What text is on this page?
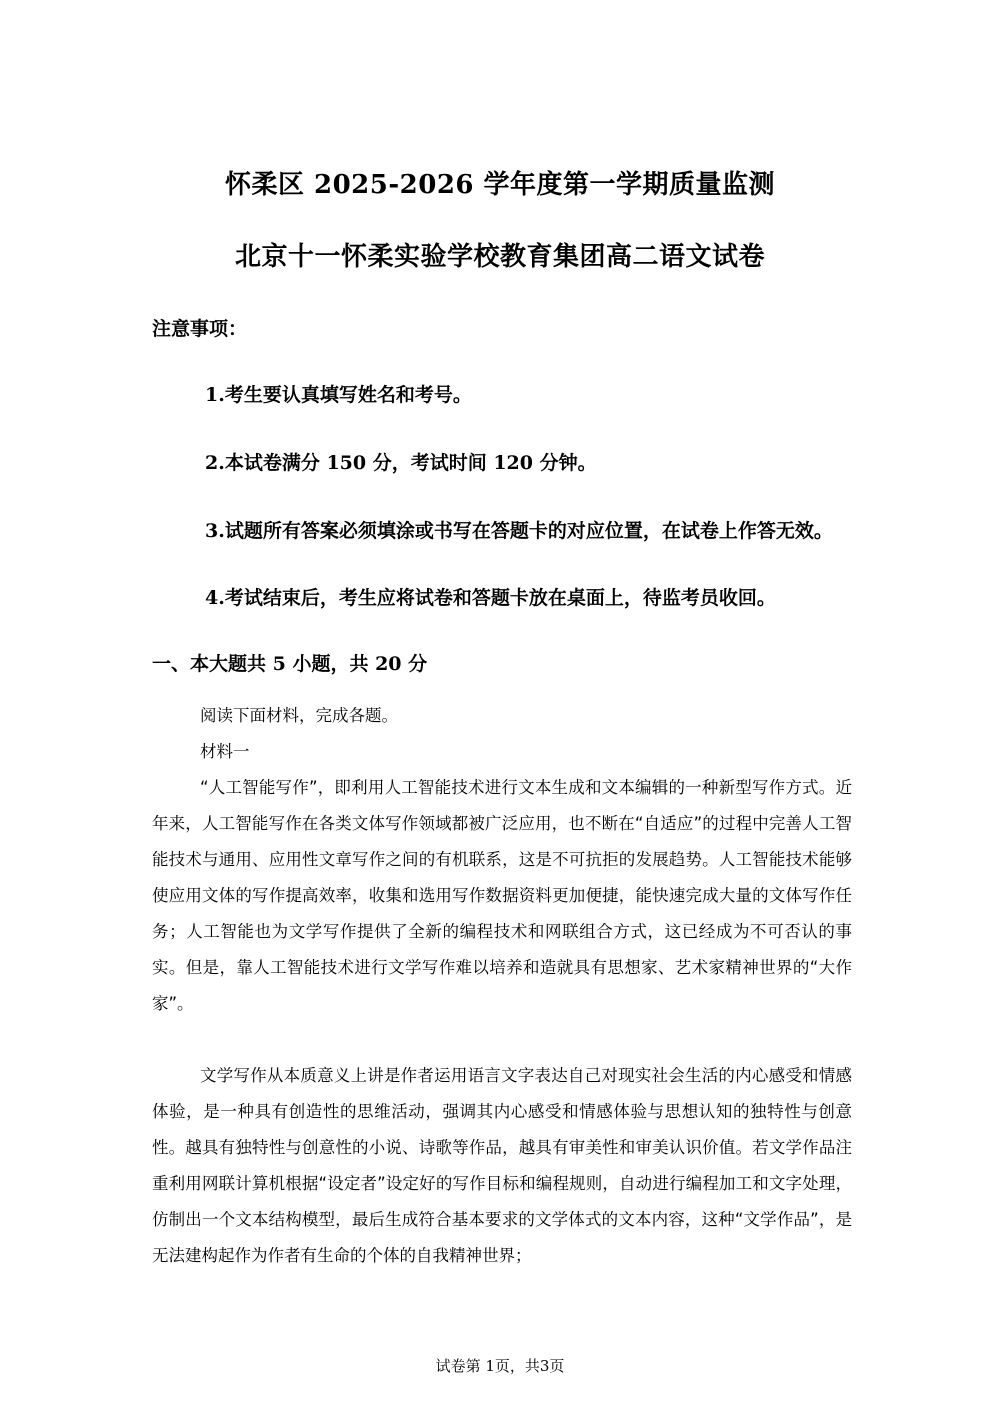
怀柔区 2025-2026 学年度第一学期质量监测
北京十一怀柔实验学校教育集团高二语文试卷
注意事项：
1.考生要认真填写姓名和考号。
2.本试卷满分 150 分，考试时间 120 分钟。
3.试题所有答案必须填涂或书写在答题卡的对应位置，在试卷上作答无效。
4.考试结束后，考生应将试卷和答题卡放在桌面上，待监考员收回。
一、本大题共 5 小题，共 20 分
阅读下面材料，完成各题。
材料一
“人工智能写作”，即利用人工智能技术进行文本生成和文本编辑的一种新型写作方式。近年来，人工智能写作在各类文体写作领域都被广泛应用，也不断在“自适应”的过程中完善人工智能技术与通用、应用性文章写作之间的有机联系，这是不可抗拒的发展趋势。人工智能技术能够使应用文体的写作提高效率，收集和选用写作数据资料更加便捷，能快速完成大量的文体写作任务；人工智能也为文学写作提供了全新的编程技术和网联组合方式，这已经成为不可否认的事实。但是，靠人工智能技术进行文学写作难以培养和造就具有思想家、艺术家精神世界的“大作家”。
文学写作从本质意义上讲是作者运用语言文字表达自己对现实社会生活的内心感受和情感体验，是一种具有创造性的思维活动，强调其内心感受和情感体验与思想认知的独特性与创意性。越具有独特性与创意性的小说、诗歌等作品，越具有审美性和审美认识价值。若文学作品注重利用网联计算机根据“设定者”设定好的写作目标和编程规则，自动进行编程加工和文字处理，仿制出一个文本结构模型，最后生成符合基本要求的文学体式的文本内容，这种“文学作品”，是无法建构起作为作者有生命的个体的自我精神世界；
试卷第 1页，共3页
